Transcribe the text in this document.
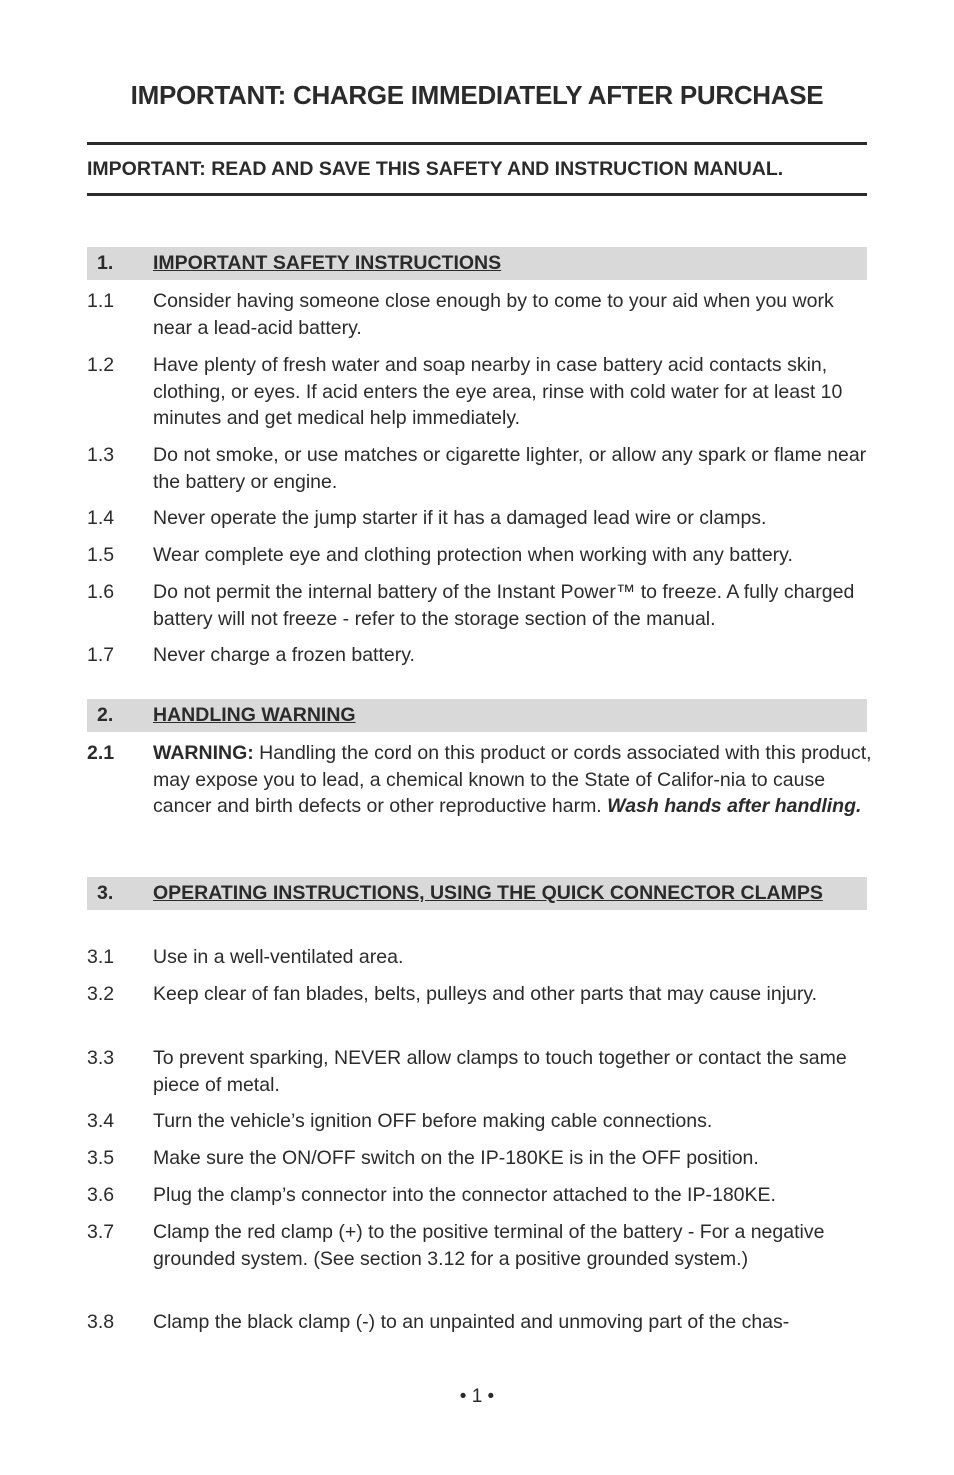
IMPORTANT: CHARGE IMMEDIATELY AFTER PURCHASE
IMPORTANT: READ AND SAVE THIS SAFETY AND INSTRUCTION MANUAL.
1. IMPORTANT SAFETY INSTRUCTIONS
1.1 Consider having someone close enough by to come to your aid when you work near a lead-acid battery.
1.2 Have plenty of fresh water and soap nearby in case battery acid contacts skin, clothing, or eyes. If acid enters the eye area, rinse with cold water for at least 10 minutes and get medical help immediately.
1.3 Do not smoke, or use matches or cigarette lighter, or allow any spark or flame near the battery or engine.
1.4 Never operate the jump starter if it has a damaged lead wire or clamps.
1.5 Wear complete eye and clothing protection when working with any battery.
1.6 Do not permit the internal battery of the Instant Power™ to freeze. A fully charged battery will not freeze - refer to the storage section of the manual.
1.7 Never charge a frozen battery.
2. HANDLING WARNING
2.1 WARNING: Handling the cord on this product or cords associated with this product, may expose you to lead, a chemical known to the State of Califor-nia to cause cancer and birth defects or other reproductive harm. Wash hands after handling.
3. OPERATING INSTRUCTIONS, USING THE QUICK CONNECTOR CLAMPS
3.1 Use in a well-ventilated area.
3.2 Keep clear of fan blades, belts, pulleys and other parts that may cause injury.
3.3 To prevent sparking, NEVER allow clamps to touch together or contact the same piece of metal.
3.4 Turn the vehicle’s ignition OFF before making cable connections.
3.5 Make sure the ON/OFF switch on the IP-180KE is in the OFF position.
3.6 Plug the clamp’s connector into the connector attached to the IP-180KE.
3.7 Clamp the red clamp (+) to the positive terminal of the battery - For a negative grounded system. (See section 3.12 for a positive grounded system.)
3.8 Clamp the black clamp (-) to an unpainted and unmoving part of the chas-
• 1 •
